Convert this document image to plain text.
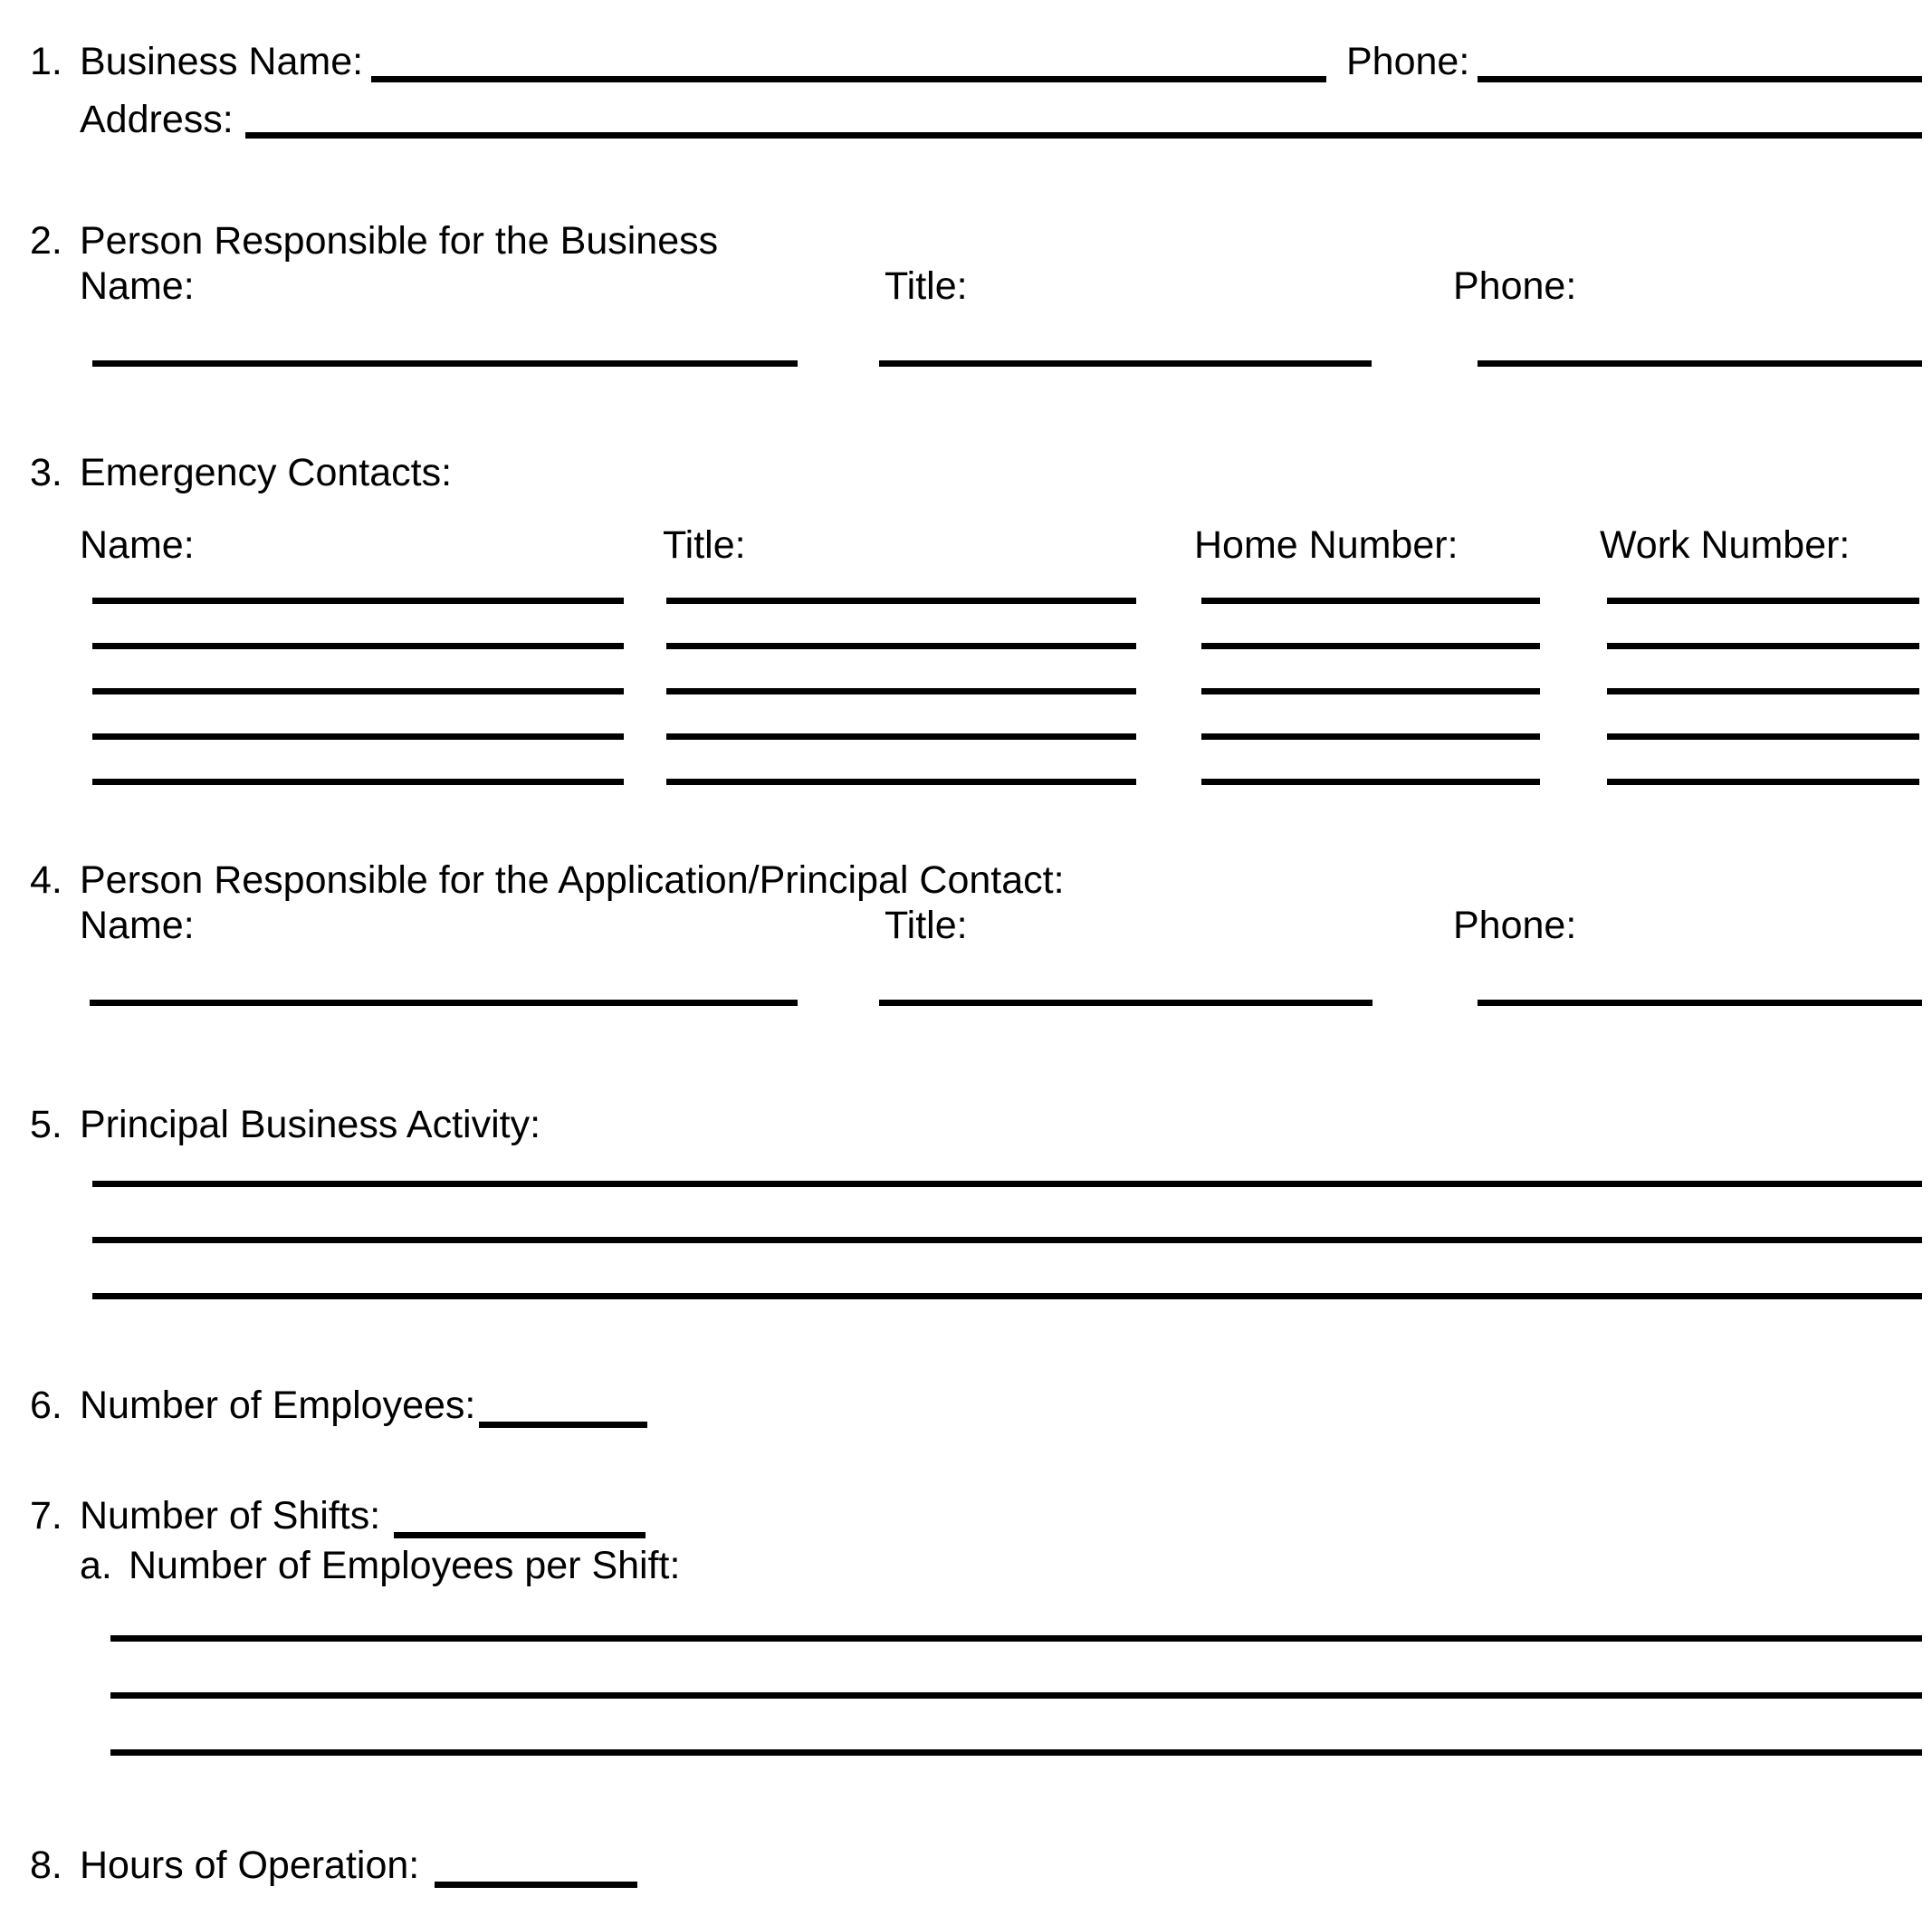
1. Business Name:	Phone:
Address:
2. Person Responsible for the Business
Name:	Title:	Phone:
3. Emergency Contacts:
Name:	Title:	Home Number:	Work Number:
4. Person Responsible for the Application/Principal Contact:
Name:	Title:	Phone:
5. Principal Business Activity:
6. Number of Employees:
7. Number of Shifts:
a. Number of Employees per Shift:
8. Hours of Operation:
